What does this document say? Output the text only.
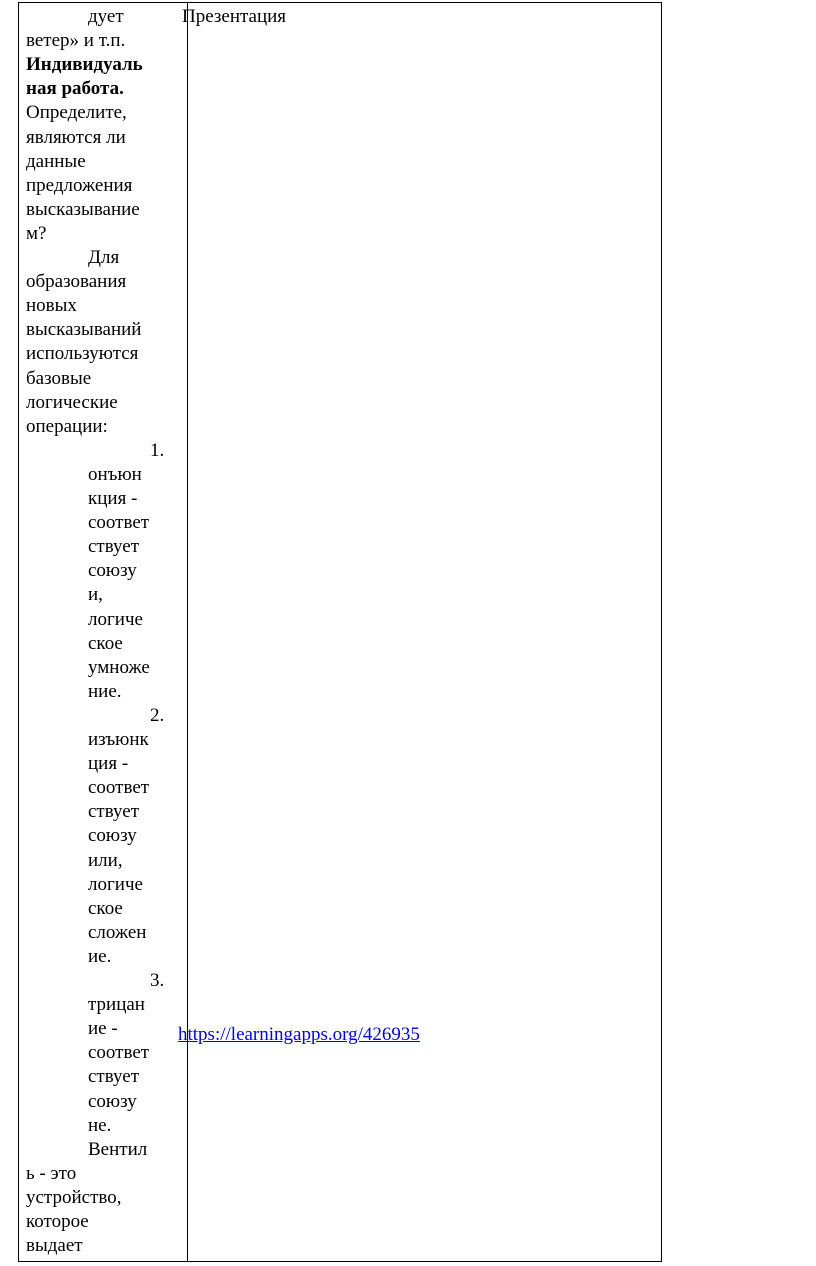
дует
ветер» и т.п.
Индивидуаль
ная работа.
Определите,
являются ли
данные
предложения
высказывание
м?
Для
образования
новых
высказываний
используются
базовые
логические
операции:
1.
онъюн
кция -
соответ
ствует
союзу
и,
логиче
ское
умноже
ние.
2.
изъюнк
ция -
соответ
ствует
союзу
или,
логиче
ское
сложен
ие.
3.
трицан
ие -
соответ
ствует
союзу
не.
Вентил
ь - это
устройство,
которое
выдает
Презентация
https://learningapps.org/426935
